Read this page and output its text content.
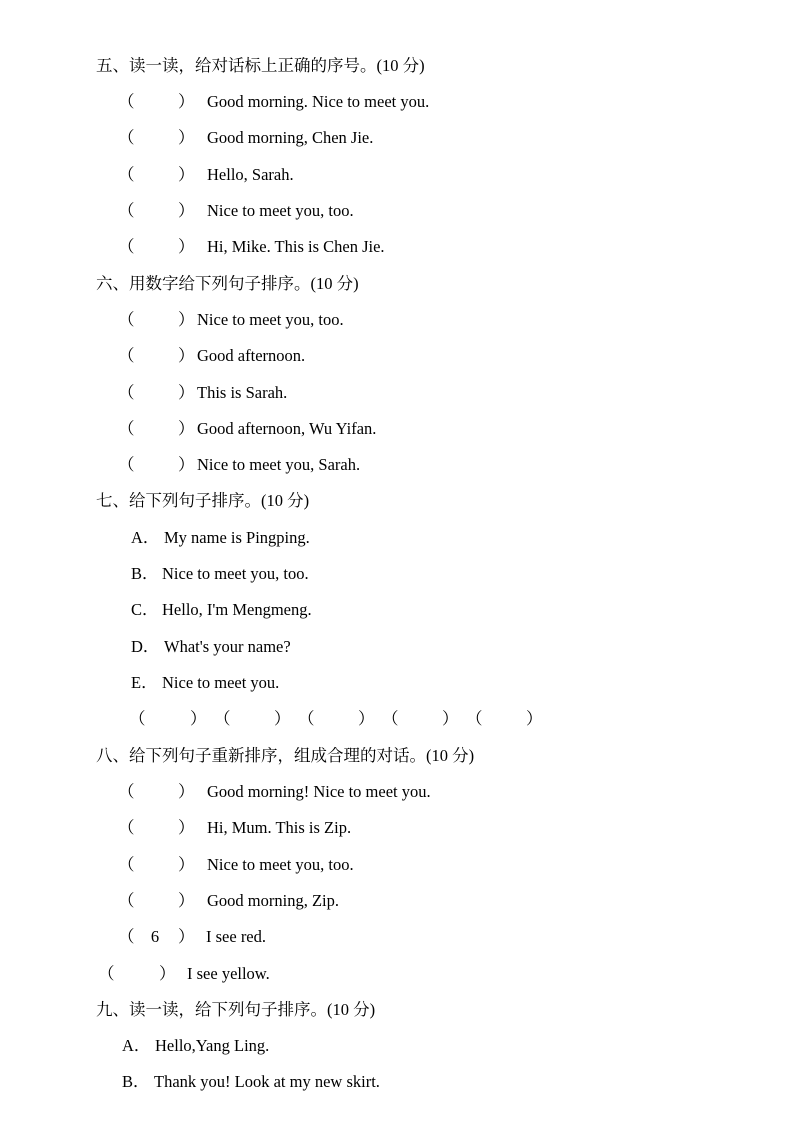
五、读一读，给对话标上正确的序号。(10 分)
（	） Good morning. Nice to meet you.
（	） Good morning, Chen Jie.
（	） Hello, Sarah.
（	） Nice to meet you, too.
（	） Hi, Mike. This is Chen Jie.
六、用数字给下列句子排序。(10 分)
（	） Nice to meet you, too.
（	） Good afternoon.
（	） This is Sarah.
（	） Good afternoon, Wu Yifan.
（	） Nice to meet you, Sarah.
七、给下列句子排序。(10 分)
A． My name is Pingping.
B． Nice to meet you, too.
C． Hello, I'm Mengmeng.
D． What's your name?
E． Nice to meet you.
（	） （	） （	） （	） （	）
八、给下列句子重新排序，组成合理的对话。(10 分)
（	） Good morning! Nice to meet you.
（	） Hi, Mum. This is Zip.
（	） Nice to meet you, too.
（	） Good morning, Zip.
（ 6	） I see red.
（	） I see yellow.
九、读一读，给下列句子排序。(10 分)
A． Hello,Yang Ling.
B． Thank you! Look at my new skirt.
